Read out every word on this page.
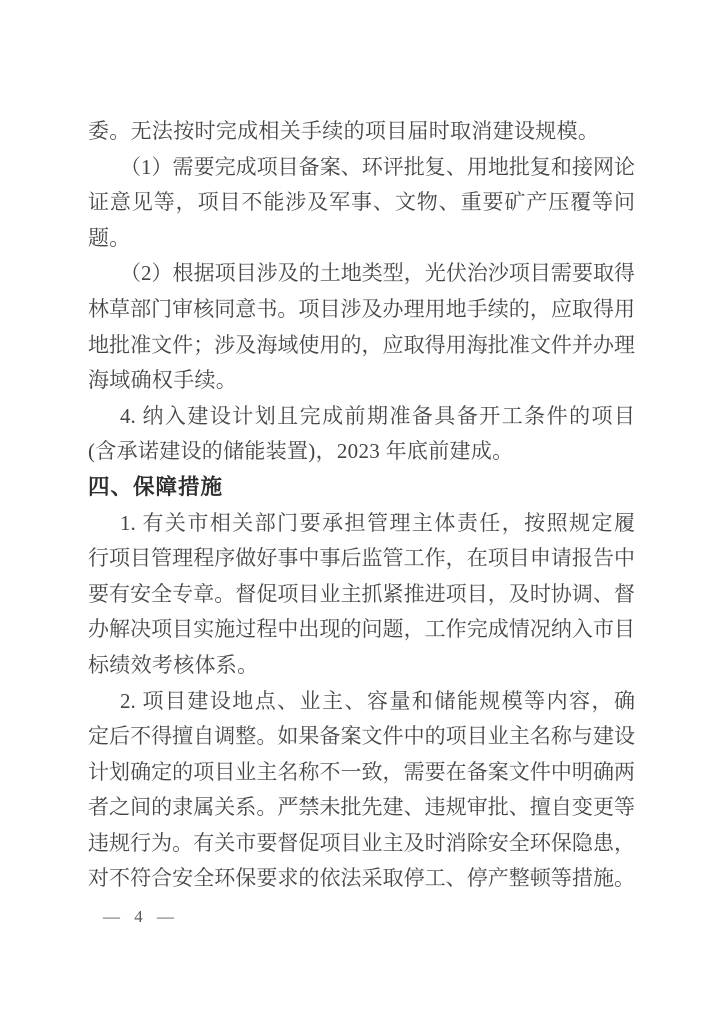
委。无法按时完成相关手续的项目届时取消建设规模。
（1）需要完成项目备案、环评批复、用地批复和接网论
证意见等，项目不能涉及军事、文物、重要矿产压覆等问
题。
（2）根据项目涉及的土地类型，光伏治沙项目需要取得
林草部门审核同意书。项目涉及办理用地手续的，应取得用
地批准文件；涉及海域使用的，应取得用海批准文件并办理
海域确权手续。
4. 纳入建设计划且完成前期准备具备开工条件的项目
(含承诺建设的储能装置)，2023 年底前建成。
四、保障措施
1. 有关市相关部门要承担管理主体责任，按照规定履
行项目管理程序做好事中事后监管工作，在项目申请报告中
要有安全专章。督促项目业主抓紧推进项目，及时协调、督
办解决项目实施过程中出现的问题，工作完成情况纳入市目
标绩效考核体系。
2. 项目建设地点、业主、容量和储能规模等内容，确
定后不得擅自调整。如果备案文件中的项目业主名称与建设
计划确定的项目业主名称不一致，需要在备案文件中明确两
者之间的隶属关系。严禁未批先建、违规审批、擅自变更等
违规行为。有关市要督促项目业主及时消除安全环保隐患，
对不符合安全环保要求的依法采取停工、停产整顿等措施。
— 4 —
